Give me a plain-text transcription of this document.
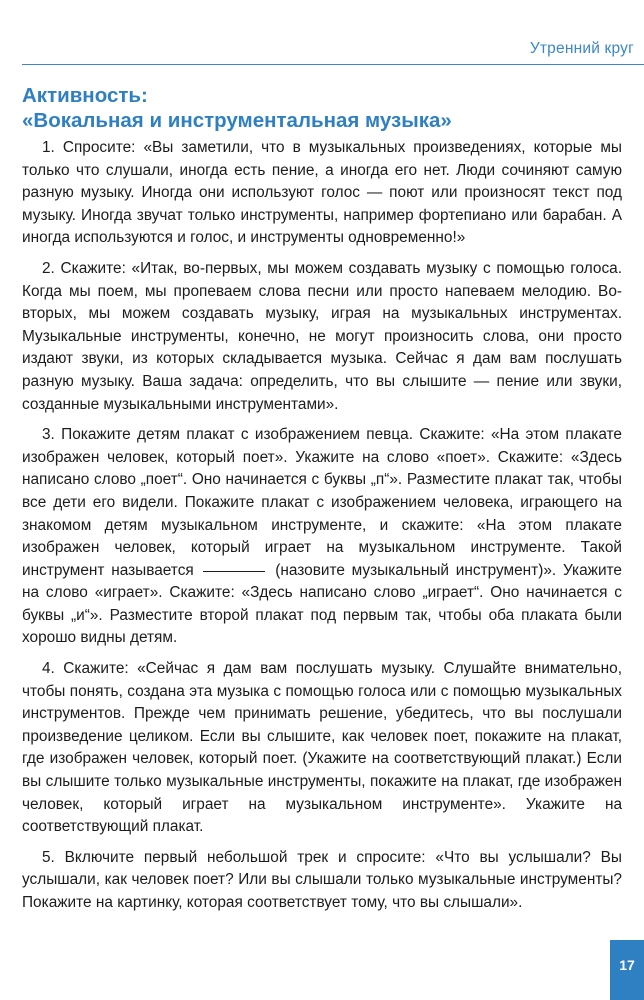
Утренний круг
Активность:
«Вокальная и инструментальная музыка»

1. Спросите: «Вы заметили, что в музыкальных произведениях, которые мы только что слушали, иногда есть пение, а иногда его нет. Люди сочиняют самую разную музыку. Иногда они используют голос — поют или произносят текст под музыку. Иногда звучат только инструменты, например фортепиано или барабан. А иногда используются и голос, и инструменты одновременно!»

2. Скажите: «Итак, во-первых, мы можем создавать музыку с помощью голоса. Когда мы поем, мы пропеваем слова песни или просто напеваем мелодию. Во-вторых, мы можем создавать музыку, играя на музыкальных инструментах. Музыкальные инструменты, конечно, не могут произносить слова, они просто издают звуки, из которых складывается музыка. Сейчас я дам вам послушать разную музыку. Ваша задача: определить, что вы слышите — пение или звуки, созданные музыкальными инструментами».

3. Покажите детям плакат с изображением певца. Скажите: «На этом плакате изображен человек, который поет». Укажите на слово «поет». Скажите: «Здесь написано слово „поет“. Оно начинается с буквы „п“». Разместите плакат так, чтобы все дети его видели. Покажите плакат с изображением человека, играющего на знакомом детям музыкальном инструменте, и скажите: «На этом плакате изображен человек, который играет на музыкальном инструменте. Такой инструмент называется	(назовите музыкальный инструмент)». Укажите на слово «играет». Скажите: «Здесь написано слово „играет“. Оно начинается с буквы „и“». Разместите второй плакат под первым так, чтобы оба плаката были хорошо видны детям.

4. Скажите: «Сейчас я дам вам послушать музыку. Слушайте внимательно, чтобы понять, создана эта музыка с помощью голоса или с помощью музыкальных инструментов. Прежде чем принимать решение, убедитесь, что вы послушали произведение целиком. Если вы слышите, как человек поет, покажите на плакат, где изображен человек, который поет. (Укажите на соответствующий плакат.) Если вы слышите только музыкальные инструменты, покажите на плакат, где изображен человек, который играет на музыкальном инструменте». Укажите на соответствующий плакат.

5. Включите первый небольшой трек и спросите: «Что вы услышали? Вы услышали, как человек поет? Или вы слышали только музыкальные инструменты? Покажите на картинку, которая соответствует тому, что вы слышали».

17
